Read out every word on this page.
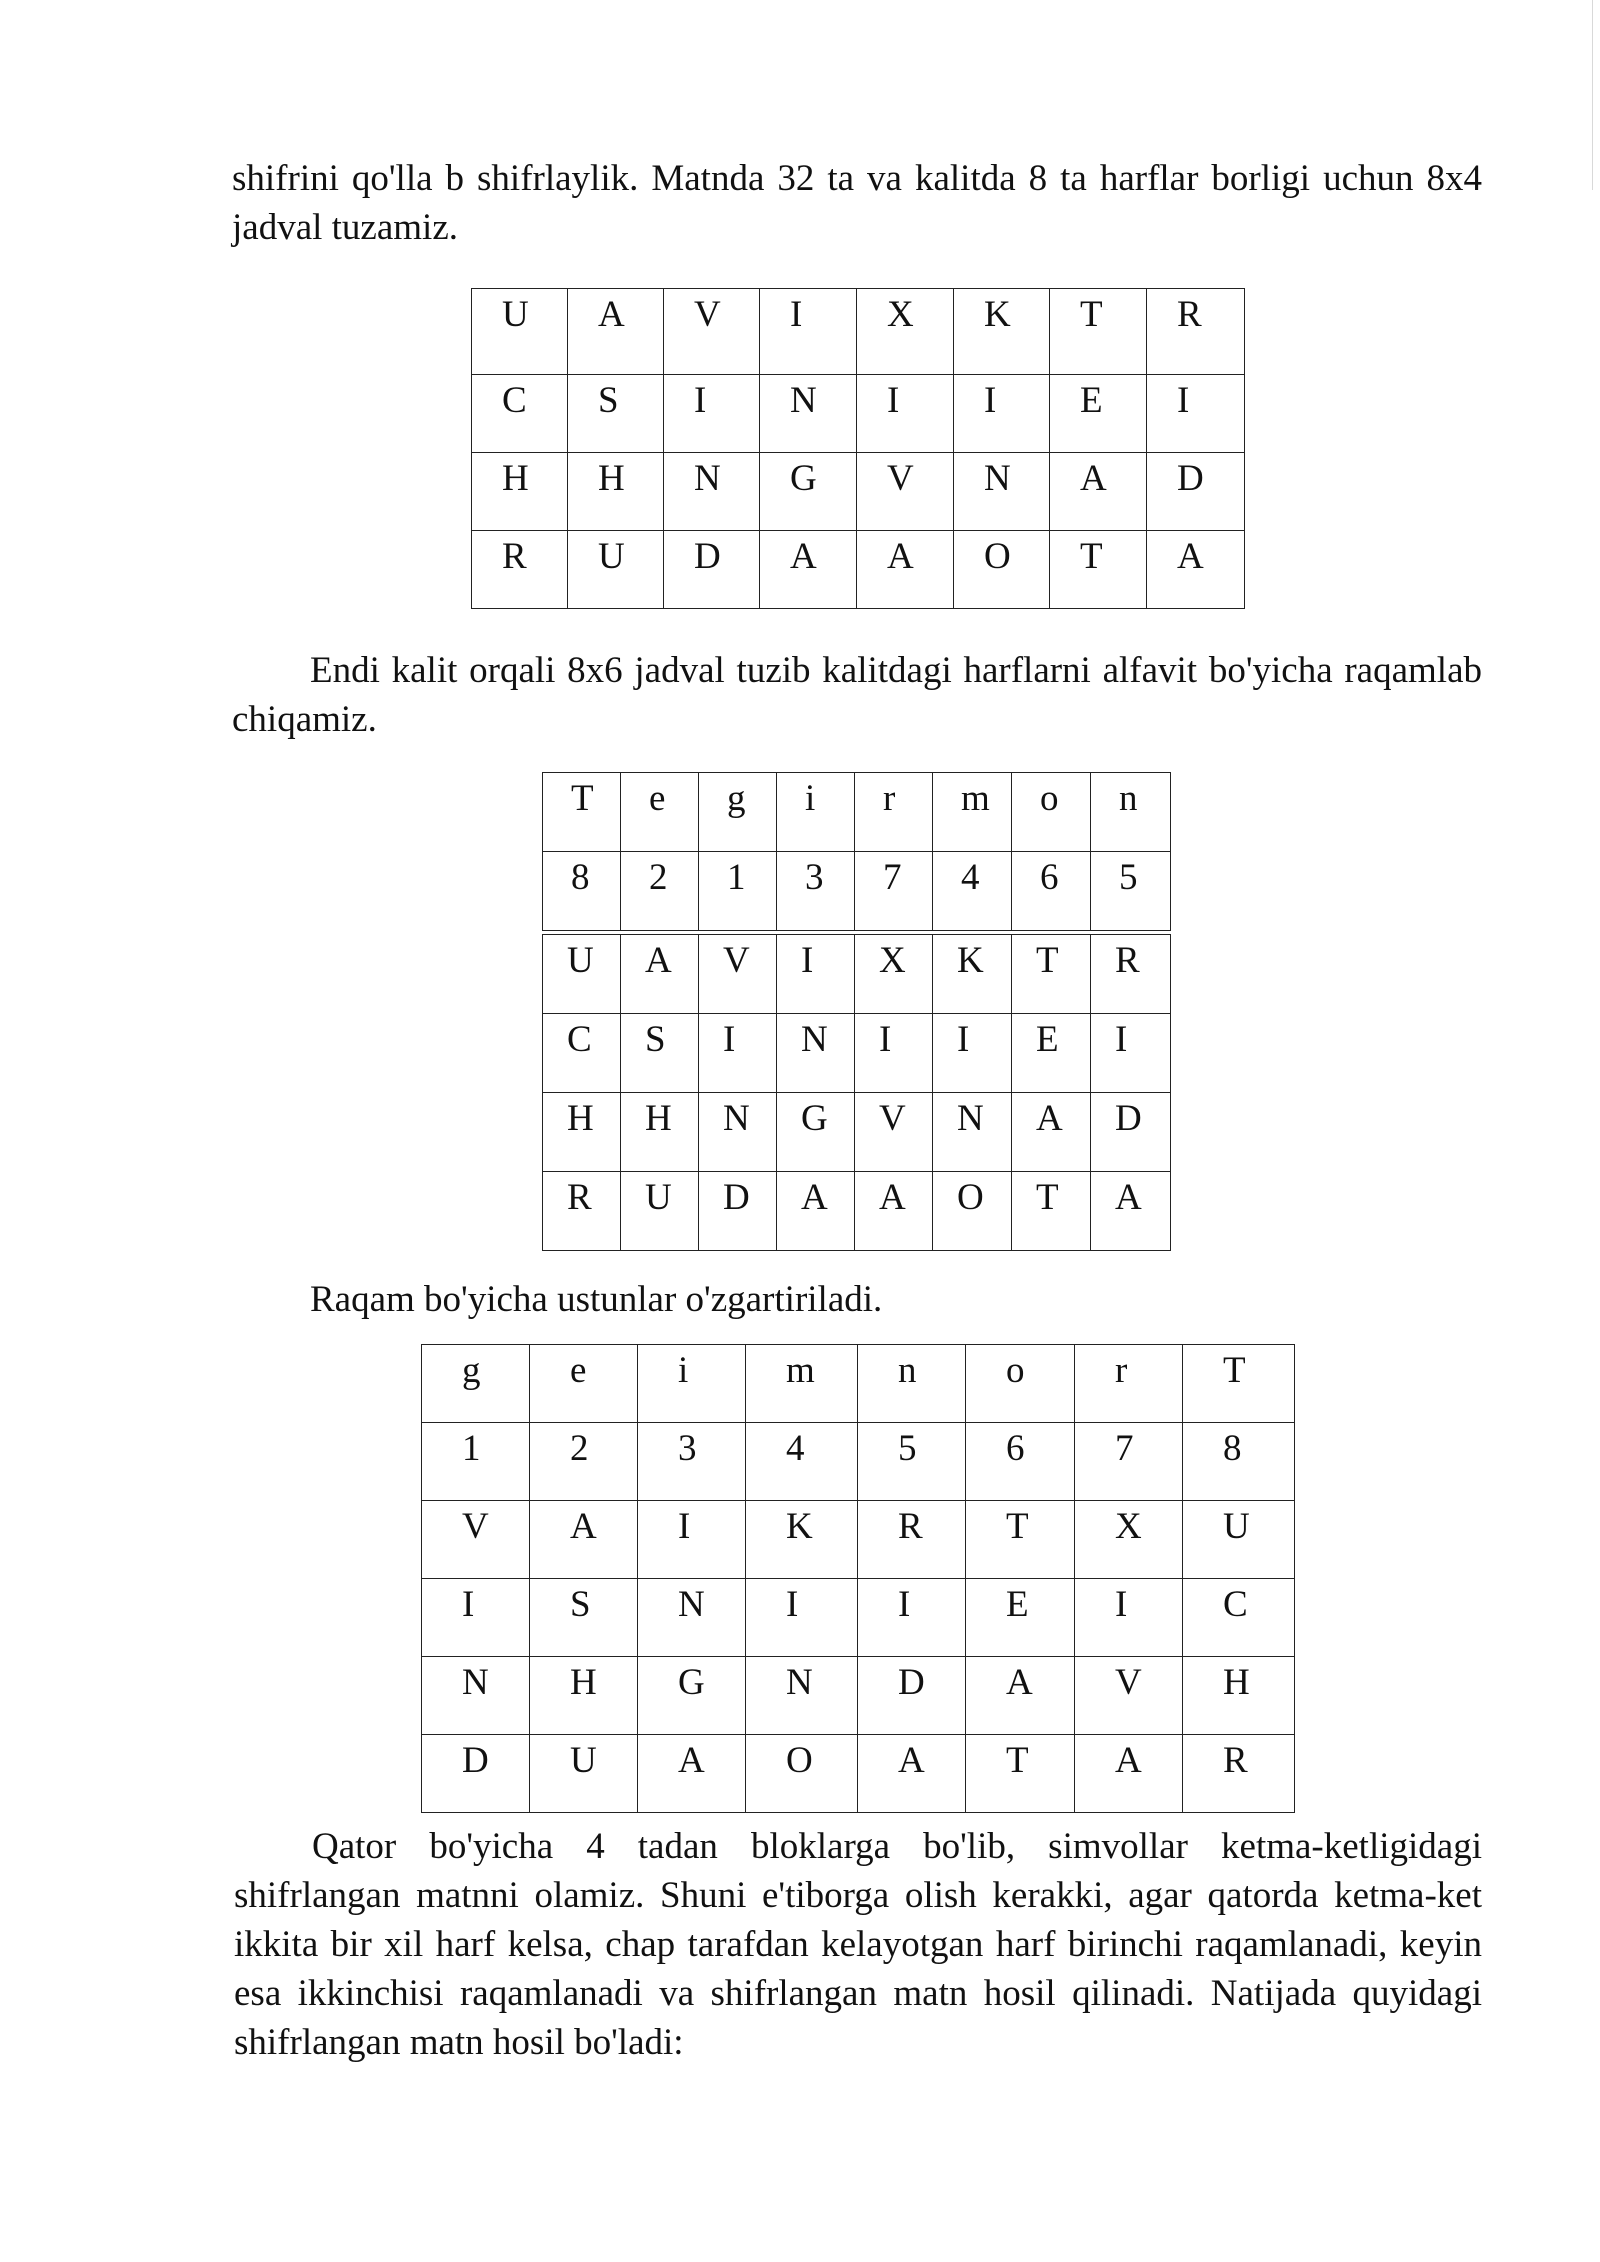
shifrini qo'lla b shifrlaylik. Matnda 32 ta va kalitda 8 ta harflar borligi uchun 8x4 jadval tuzamiz.

U	A	V	I	X	K	T	R

C	S	I	N	I	I	E	I

H	H	N	G	V	N	A	D

R	U	D	A	A	O	T	A

Endi kalit orqali 8x6 jadval tuzib kalitdagi harflarni alfavit bo'yicha raqamlab chiqamiz.

T	e	g	i	r	m	o	n

8	2	1	3	7	4	6	5
U	A	V	I	X	K	T	R

C	S	I	N	I	I	E	I

H	H	N	G	V	N	A	D

R	U	D	A	A	O	T	A

Raqam bo'yicha ustunlar o'zgartiriladi.

g	e	i	m	n	o	r	T

1	2	3	4	5	6	7	8

V	A	I	K	R	T	X	U

I	S	N	I	I	E	I	C

N	H	G	N	D	A	V	H

D	U	A	O	A	T	A	R

Qator bo'yicha 4 tadan bloklarga bo'lib, simvollar ketma-ketligidagi shifrlangan matnni olamiz. Shuni e'tiborga olish kerakki, agar qatorda ketma-ket ikkita bir xil harf kelsa, chap tarafdan kelayotgan harf birinchi raqamlanadi, keyin esa ikkinchisi raqamlanadi va shifrlangan matn hosil qilinadi. Natijada quyidagi shifrlangan matn hosil bo'ladi:
